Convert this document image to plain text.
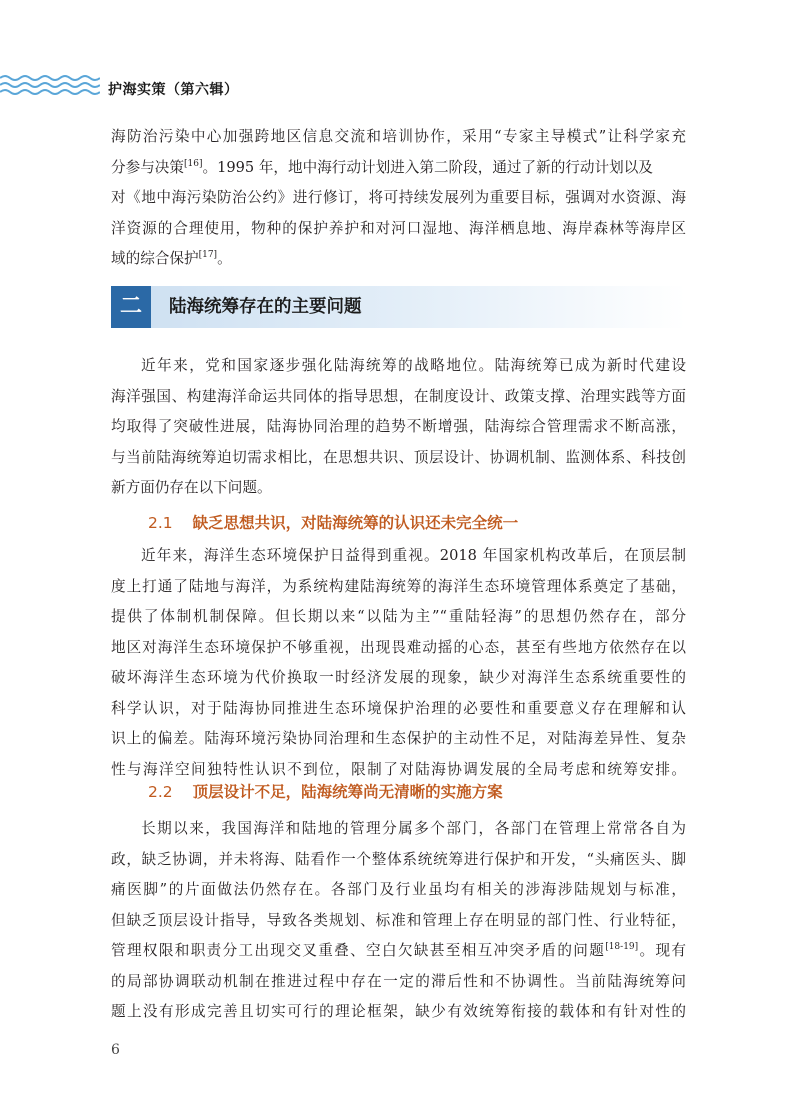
护海实策（第六辑）
海防治污染中心加强跨地区信息交流和培训协作，采用“专家主导模式”让科学家充
分参与决策[16]。1995 年，地中海行动计划进入第二阶段，通过了新的行动计划以及
对《地中海污染防治公约》进行修订，将可持续发展列为重要目标，强调对水资源、海
洋资源的合理使用，物种的保护养护和对河口湿地、海洋栖息地、海岸森林等海岸区
域的综合保护[17]。
二	陆海统筹存在的主要问题
近年来，党和国家逐步强化陆海统筹的战略地位。陆海统筹已成为新时代建设
海洋强国、构建海洋命运共同体的指导思想，在制度设计、政策支撑、治理实践等方面
均取得了突破性进展，陆海协同治理的趋势不断增强，陆海综合管理需求不断高涨，
与当前陆海统筹迫切需求相比，在思想共识、顶层设计、协调机制、监测体系、科技创
新方面仍存在以下问题。
2.1 缺乏思想共识，对陆海统筹的认识还未完全统一
近年来，海洋生态环境保护日益得到重视。2018 年国家机构改革后，在顶层制
度上打通了陆地与海洋，为系统构建陆海统筹的海洋生态环境管理体系奠定了基础，
提供了体制机制保障。但长期以来“以陆为主”“重陆轻海”的思想仍然存在，部分
地区对海洋生态环境保护不够重视，出现畏难动摇的心态，甚至有些地方依然存在以
破坏海洋生态环境为代价换取一时经济发展的现象，缺少对海洋生态系统重要性的
科学认识，对于陆海协同推进生态环境保护治理的必要性和重要意义存在理解和认
识上的偏差。陆海环境污染协同治理和生态保护的主动性不足，对陆海差异性、复杂
性与海洋空间独特性认识不到位，限制了对陆海协调发展的全局考虑和统筹安排。
2.2 顶层设计不足，陆海统筹尚无清晰的实施方案
长期以来，我国海洋和陆地的管理分属多个部门，各部门在管理上常常各自为
政，缺乏协调，并未将海、陆看作一个整体系统统筹进行保护和开发，“头痛医头、脚
痛医脚”的片面做法仍然存在。各部门及行业虽均有相关的涉海涉陆规划与标准，
但缺乏顶层设计指导，导致各类规划、标准和管理上存在明显的部门性、行业特征，
管理权限和职责分工出现交叉重叠、空白欠缺甚至相互冲突矛盾的问题[18-19]。现有
的局部协调联动机制在推进过程中存在一定的滞后性和不协调性。当前陆海统筹问
题上没有形成完善且切实可行的理论框架，缺少有效统筹衔接的载体和有针对性的
6
